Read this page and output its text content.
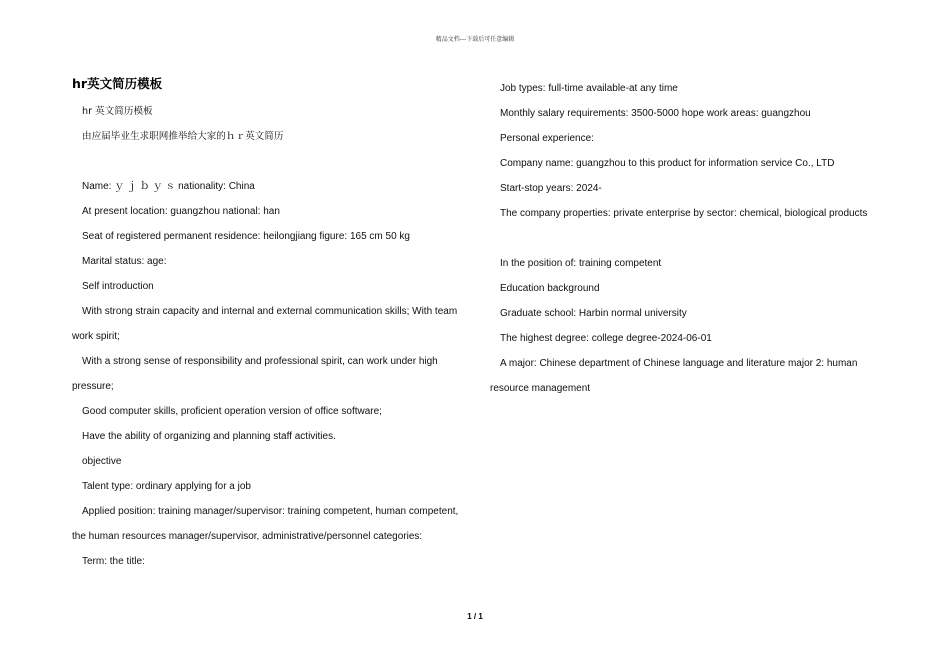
精品文档---下载后可任意编辑
hr英文简历模板

hr 英文简历模板

由应届毕业生求职网推举给大家的ｈｒ英文简历

Name: ｙ ｊ ｂ ｙ ｓ nationality: China

At present location: guangzhou national: han

Seat of registered permanent residence: heilongjiang figure: 165 cm 50 kg

Marital status: age:

Self introduction

With strong strain capacity and internal and external communication skills; With team work spirit;

With a strong sense of responsibility and professional spirit, can work under high pressure;

Good computer skills, proficient operation version of office software;

Have the ability of organizing and planning staff activities.

objective

Talent type: ordinary applying for a job

Applied position: training manager/supervisor: training competent, human competent, the human resources manager/supervisor, administrative/personnel categories:

Term: the title:

Job types: full-time available-at any time

Monthly salary requirements: 3500-5000 hope work areas: guangzhou

Personal experience:

Company name: guangzhou to this product for information service Co., LTD

Start-stop years: 2024-

The company properties: private enterprise by sector: chemical, biological products

In the position of: training competent

Education background

Graduate school: Harbin normal university

The highest degree: college degree-2024-06-01

A major: Chinese department of Chinese language and literature major 2: human resource management

1 / 1
